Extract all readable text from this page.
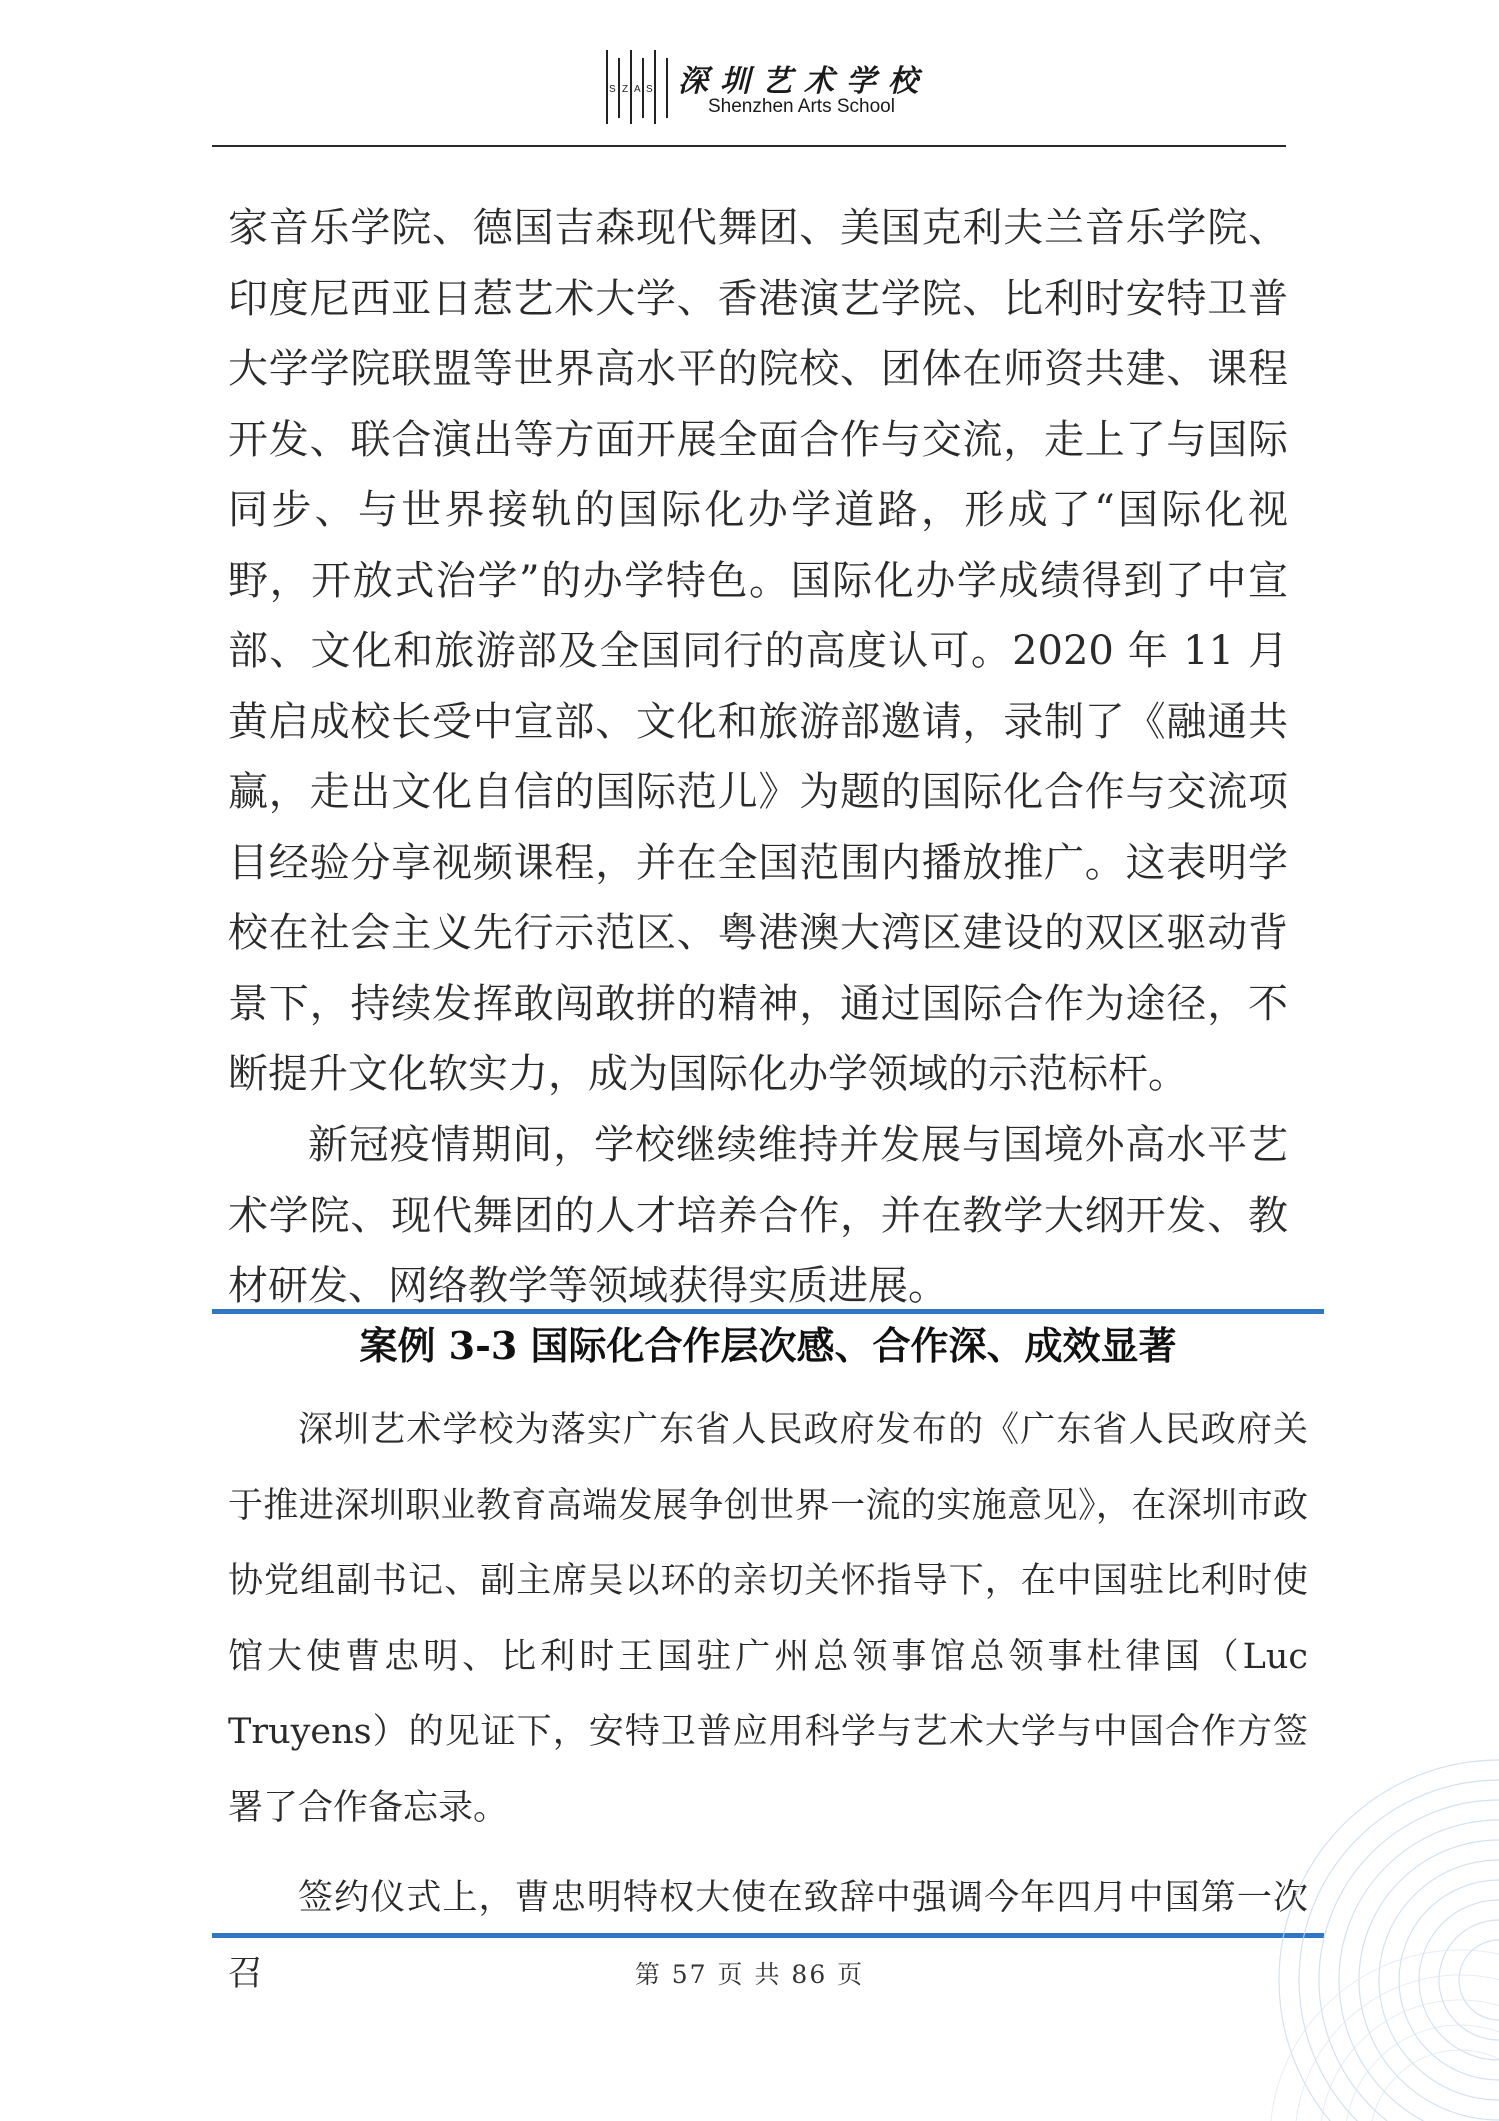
S Z A S 深圳艺术学校
Shenzhen Arts School

家音乐学院、德国吉森现代舞团、美国克利夫兰音乐学院、印度尼西亚日惹艺术大学、香港演艺学院、比利时安特卫普大学学院联盟等世界高水平的院校、团体在师资共建、课程开发、联合演出等方面开展全面合作与交流，走上了与国际同步、与世界接轨的国际化办学道路，形成了“国际化视野，开放式治学”的办学特色。国际化办学成绩得到了中宣部、文化和旅游部及全国同行的高度认可。2020 年 11 月黄启成校长受中宣部、文化和旅游部邀请，录制了《融通共赢，走出文化自信的国际范儿》为题的国际化合作与交流项目经验分享视频课程，并在全国范围内播放推广。这表明学校在社会主义先行示范区、粤港澳大湾区建设的双区驱动背景下，持续发挥敢闯敢拼的精神，通过国际合作为途径，不断提升文化软实力，成为国际化办学领域的示范标杆。

新冠疫情期间，学校继续维持并发展与国境外高水平艺术学院、现代舞团的人才培养合作，并在教学大纲开发、教材研发、网络教学等领域获得实质进展。

案例 3-3 国际化合作层次感、合作深、成效显著

深圳艺术学校为落实广东省人民政府发布的《广东省人民政府关于推进深圳职业教育高端发展争创世界一流的实施意见》，在深圳市政协党组副书记、副主席吴以环的亲切关怀指导下，在中国驻比利时使馆大使曹忠明、比利时王国驻广州总领事馆总领事杜律国（Luc Truyens）的见证下，安特卫普应用科学与艺术大学与中国合作方签署了合作备忘录。

签约仪式上，曹忠明特权大使在致辞中强调今年四月中国第一次召	第 57 页 共 86 页
